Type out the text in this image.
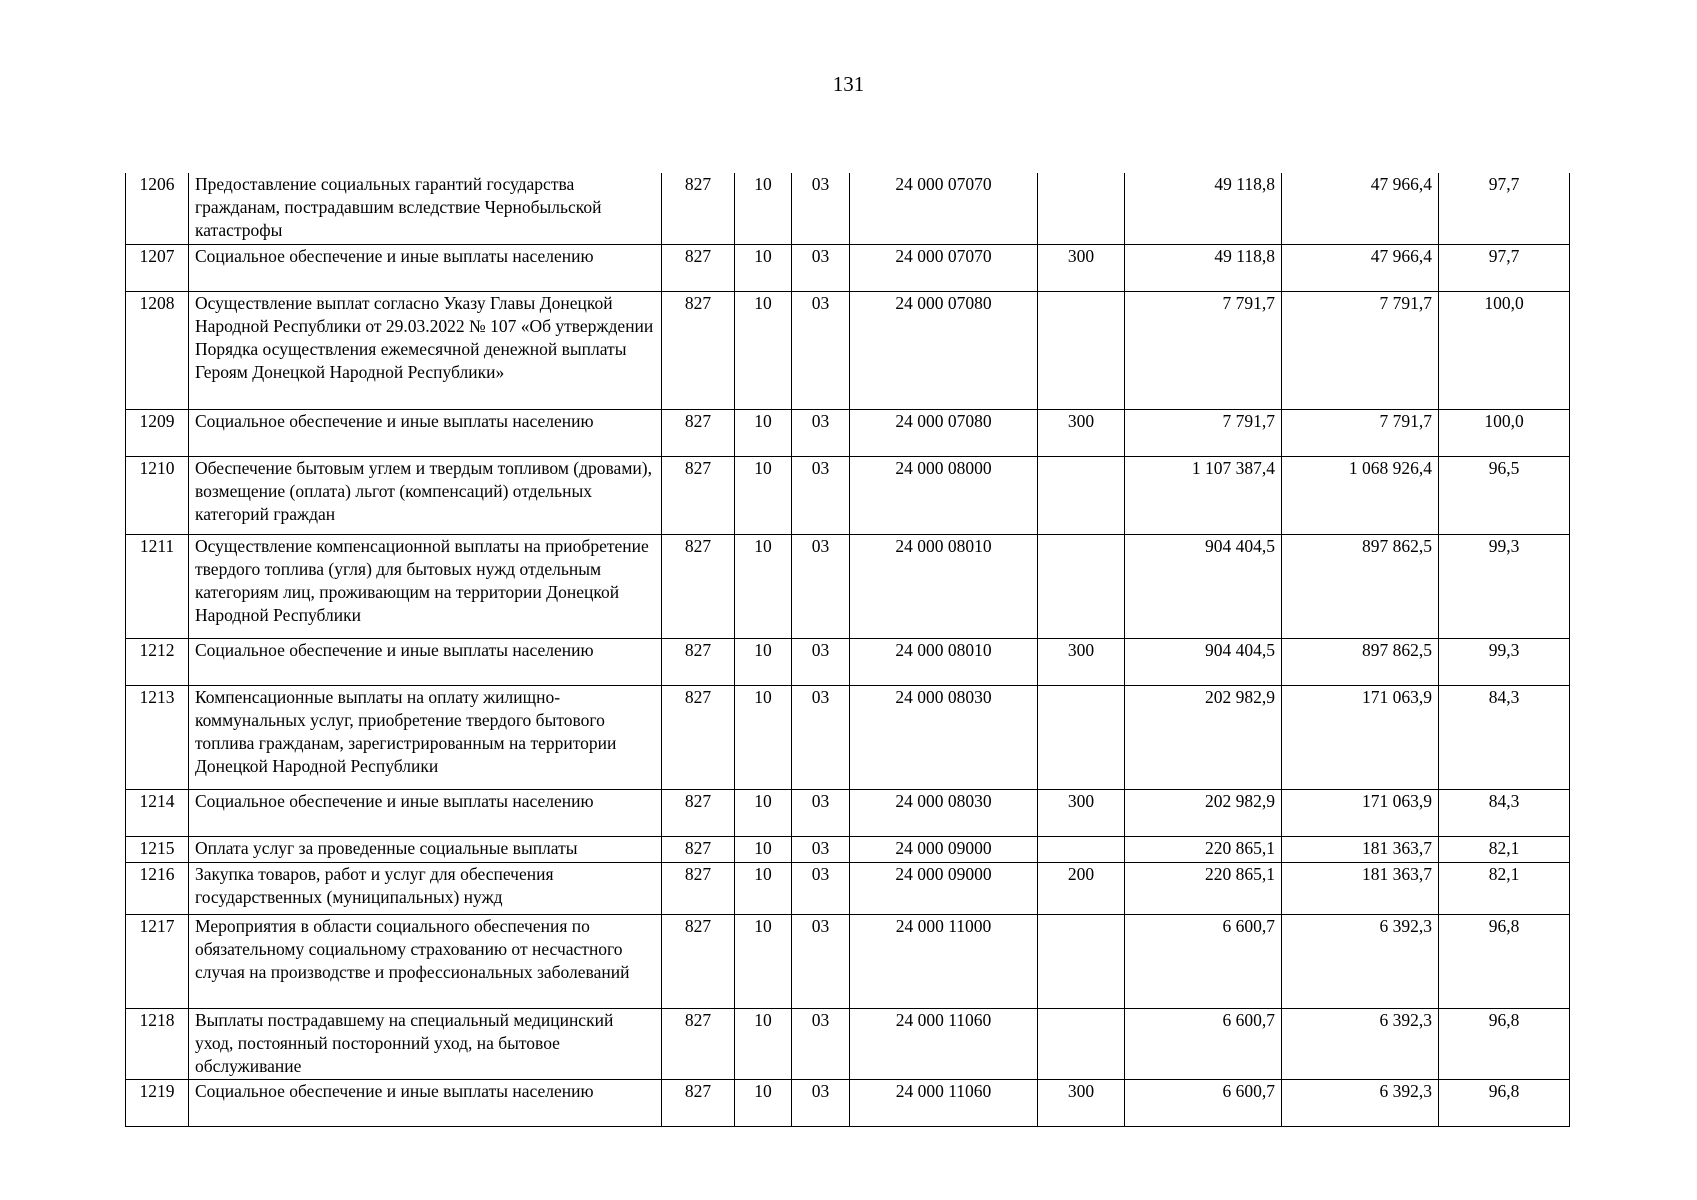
131
1206	Предоставление социальных гарантий государства гражданам, пострадавшим вследствие Чернобыльской катастрофы	827	10	03	24 000 07070		49 118,8	47 966,4	97,7
1207	Социальное обеспечение и иные выплаты населению	827	10	03	24 000 07070	300	49 118,8	47 966,4	97,7
1208	Осуществление выплат согласно Указу Главы Донецкой Народной Республики от 29.03.2022 № 107 «Об утверждении Порядка осуществления ежемесячной денежной выплаты Героям Донецкой Народной Республики»	827	10	03	24 000 07080		7 791,7	7 791,7	100,0
1209	Социальное обеспечение и иные выплаты населению	827	10	03	24 000 07080	300	7 791,7	7 791,7	100,0
1210	Обеспечение бытовым углем и твердым топливом (дровами), возмещение (оплата) льгот (компенсаций) отдельных категорий граждан	827	10	03	24 000 08000		1 107 387,4	1 068 926,4	96,5
1211	Осуществление компенсационной выплаты на приобретение твердого топлива (угля) для бытовых нужд отдельным категориям лиц, проживающим на территории Донецкой Народной Республики	827	10	03	24 000 08010		904 404,5	897 862,5	99,3
1212	Социальное обеспечение и иные выплаты населению	827	10	03	24 000 08010	300	904 404,5	897 862,5	99,3
1213	Компенсационные выплаты на оплату жилищно-коммунальных услуг, приобретение твердого бытового топлива гражданам, зарегистрированным на территории Донецкой Народной Республики	827	10	03	24 000 08030		202 982,9	171 063,9	84,3
1214	Социальное обеспечение и иные выплаты населению	827	10	03	24 000 08030	300	202 982,9	171 063,9	84,3
1215	Оплата услуг за проведенные социальные выплаты	827	10	03	24 000 09000		220 865,1	181 363,7	82,1
1216	Закупка товаров, работ и услуг для обеспечения государственных (муниципальных) нужд	827	10	03	24 000 09000	200	220 865,1	181 363,7	82,1
1217	Мероприятия в области социального обеспечения по обязательному социальному страхованию от несчастного случая на производстве и профессиональных заболеваний	827	10	03	24 000 11000		6 600,7	6 392,3	96,8
1218	Выплаты пострадавшему на специальный медицинский уход, постоянный посторонний уход, на бытовое обслуживание	827	10	03	24 000 11060		6 600,7	6 392,3	96,8
1219	Социальное обеспечение и иные выплаты населению	827	10	03	24 000 11060	300	6 600,7	6 392,3	96,8
